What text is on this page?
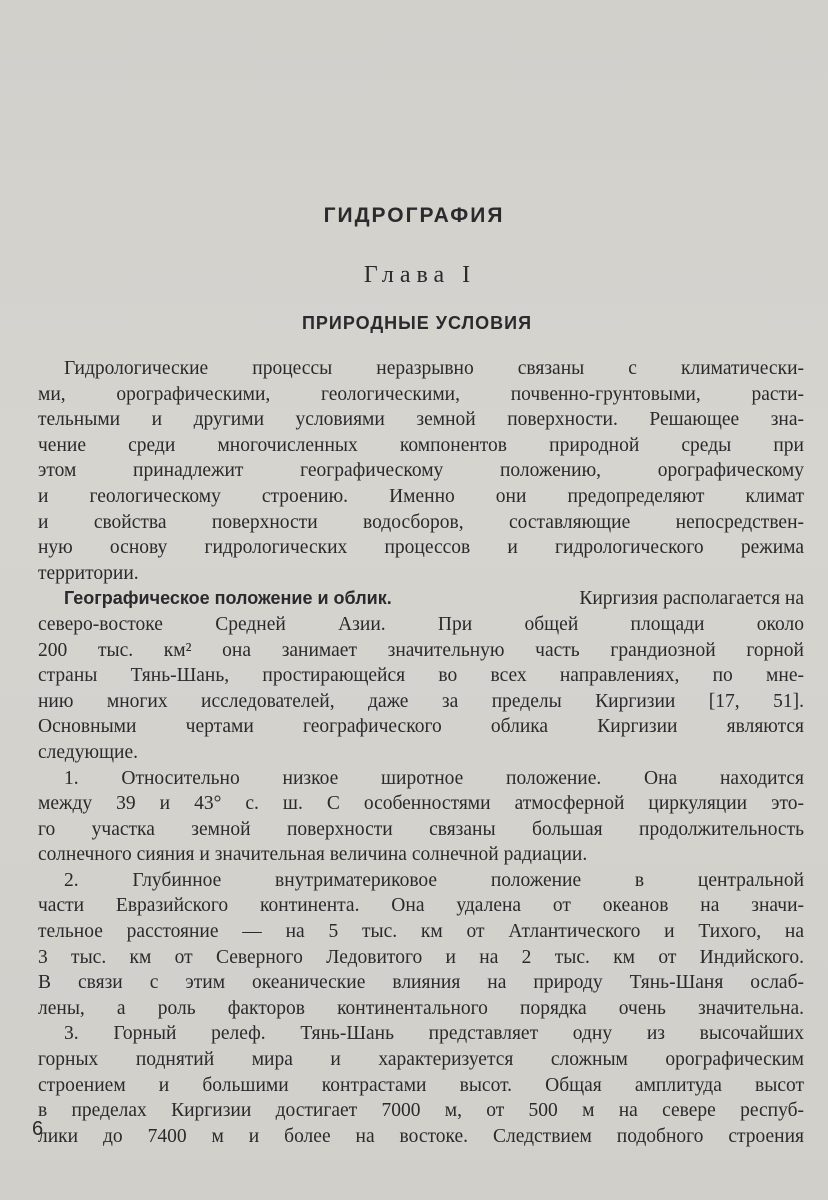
ГИДРОГРАФИЯ
Глава I
ПРИРОДНЫЕ УСЛОВИЯ
Гидрологические процессы неразрывно связаны с климатически-
ми, орографическими, геологическими, почвенно-грунтовыми, расти-
тельными и другими условиями земной поверхности. Решающее зна-
чение среди многочисленных компонентов природной среды при
этом принадлежит географическому положению, орографическому
и геологическому строению. Именно они предопределяют климат
и свойства поверхности водосборов, составляющие непосредствен-
ную основу гидрологических процессов и гидрологического режима
территории.
Географическое положение и облик.	Киргизия располагается на
северо-востоке Средней Азии. При общей площади около
200 тыс. км² она занимает значительную часть грандиозной горной
страны Тянь-Шань, простирающейся во всех направлениях, по мне-
нию многих исследователей, даже за пределы Киргизии [17, 51].
Основными чертами географического облика Киргизии являются
следующие.
1. Относительно низкое широтное положение. Она находится
между 39 и 43° с. ш. С особенностями атмосферной циркуляции это-
го участка земной поверхности связаны большая продолжительность
солнечного сияния и значительная величина солнечной радиации.
2. Глубинное внутриматериковое положение в центральной
части Евразийского континента. Она удалена от океанов на значи-
тельное расстояние — на 5 тыс. км от Атлантического и Тихого, на
3 тыс. км от Северного Ледовитого и на 2 тыс. км от Индийского.
В связи с этим океанические влияния на природу Тянь-Шаня ослаб-
лены, а роль факторов континентального порядка очень значительна.
3. Горный релеф. Тянь-Шань представляет одну из высочайших
горных поднятий мира и характеризуется сложным орографическим
строением и большими контрастами высот. Общая амплитуда высот
в пределах Киргизии достигает 7000 м, от 500 м на севере респуб-
лики до 7400 м и более на востоке. Следствием подобного строения
6
